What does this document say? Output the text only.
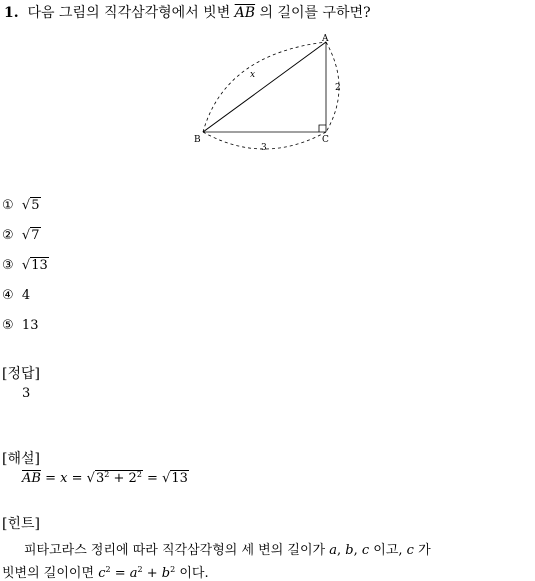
1. 다음 그림의 직각삼각형에서 빗변 $\overline{AB}$ 의 길이를 구하면?
A
B	C
x
2
3
① √5
② √7
③ √13
④ 4
⑤ 13
[정답]
3
[해설]
$\overline{AB} = x = √3^2 + 2^2 = √13$
[힌트]
피타고라스 정리에 따라 직각삼각형의 세 변의 길이가 a, b, c 이고, c 가
빗변의 길이이면 $c^2 = a^2 + b^2$ 이다.
